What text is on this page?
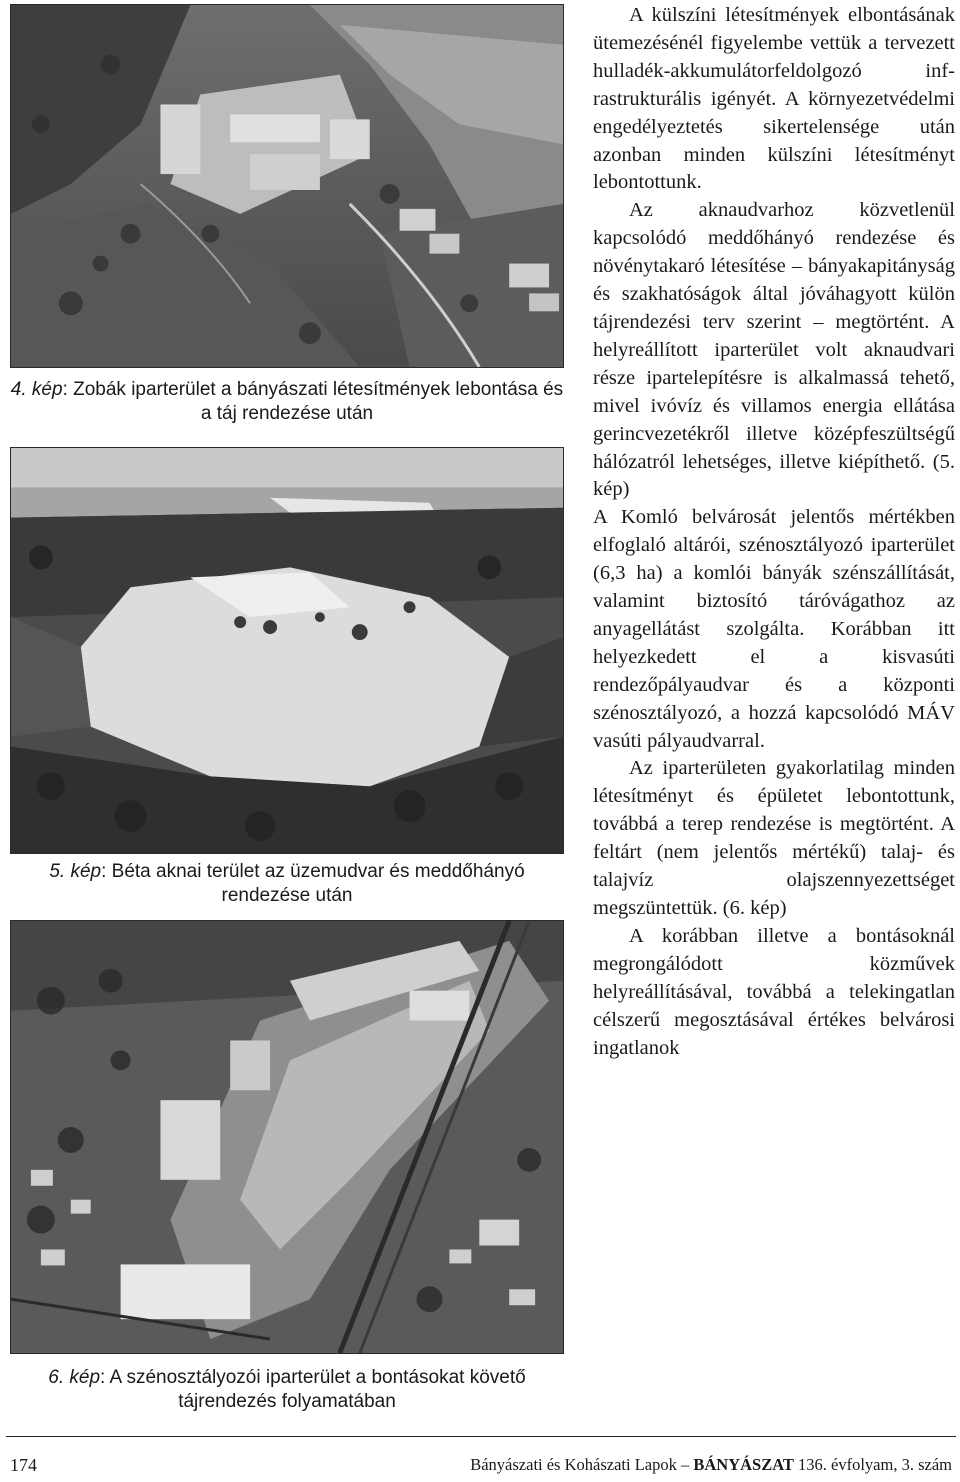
4. kép: Zobák iparterület a bányászati létesítmények lebontása és a táj rendezése után
5. kép: Béta aknai terület az üzemudvar és meddőhányó rendezése után
6. kép: A szénosztályozói iparterület a bontásokat követő tájrendezés folyamatában

A külszíni létesítmények elbontásának ütemezésénél figyelembe vettük a tervezett hulladék-akkumulátorfeldolgozó infrastrukturális igényét. A környezetvédelmi engedélyeztetés sikertelensége után azonban minden külszíni létesítményt lebontottunk.

Az aknaudvarhoz közvetlenül kapcsolódó meddőhányó rendezése és növénytakaró létesítése – bányakapitányság és szakhatóságok által jóváhagyott külön tájrendezési terv szerint – megtörtént. A helyreállított iparterület volt aknaudvari része ipartelepítésre is alkalmassá tehető, mivel ivóvíz és villamos energia ellátása gerincvezetékről illetve középfeszültségű hálózatról lehetséges, illetve kiépíthető. (5. kép)

A Komló belvárosát jelentős mértékben elfoglaló altárói, szénosztályozó iparterület (6,3 ha) a komlói bányák szénszállítását, valamint biztosító táróvágathoz az anyagellátást szolgálta. Korábban itt helyezkedett el a kisvasúti rendezőpályaudvar és a központi szénosztályozó, a hozzá kapcsolódó MÁV vasúti pályaudvarral.

Az iparterületen gyakorlatilag minden létesítményt és épületet lebontottunk, továbbá a terep rendezése is megtörtént. A feltárt (nem jelentős mértékű) talaj- és talajvíz olajszennyezettséget megszüntettük. (6. kép)

A korábban illetve a bontásoknál megrongálódott közművek helyreállításával, továbbá a telekingatlan célszerű megosztásával értékes belvárosi ingatlanok

174	Bányászati és Kohászati Lapok – BÁNYÁSZAT 136. évfolyam, 3. szám
